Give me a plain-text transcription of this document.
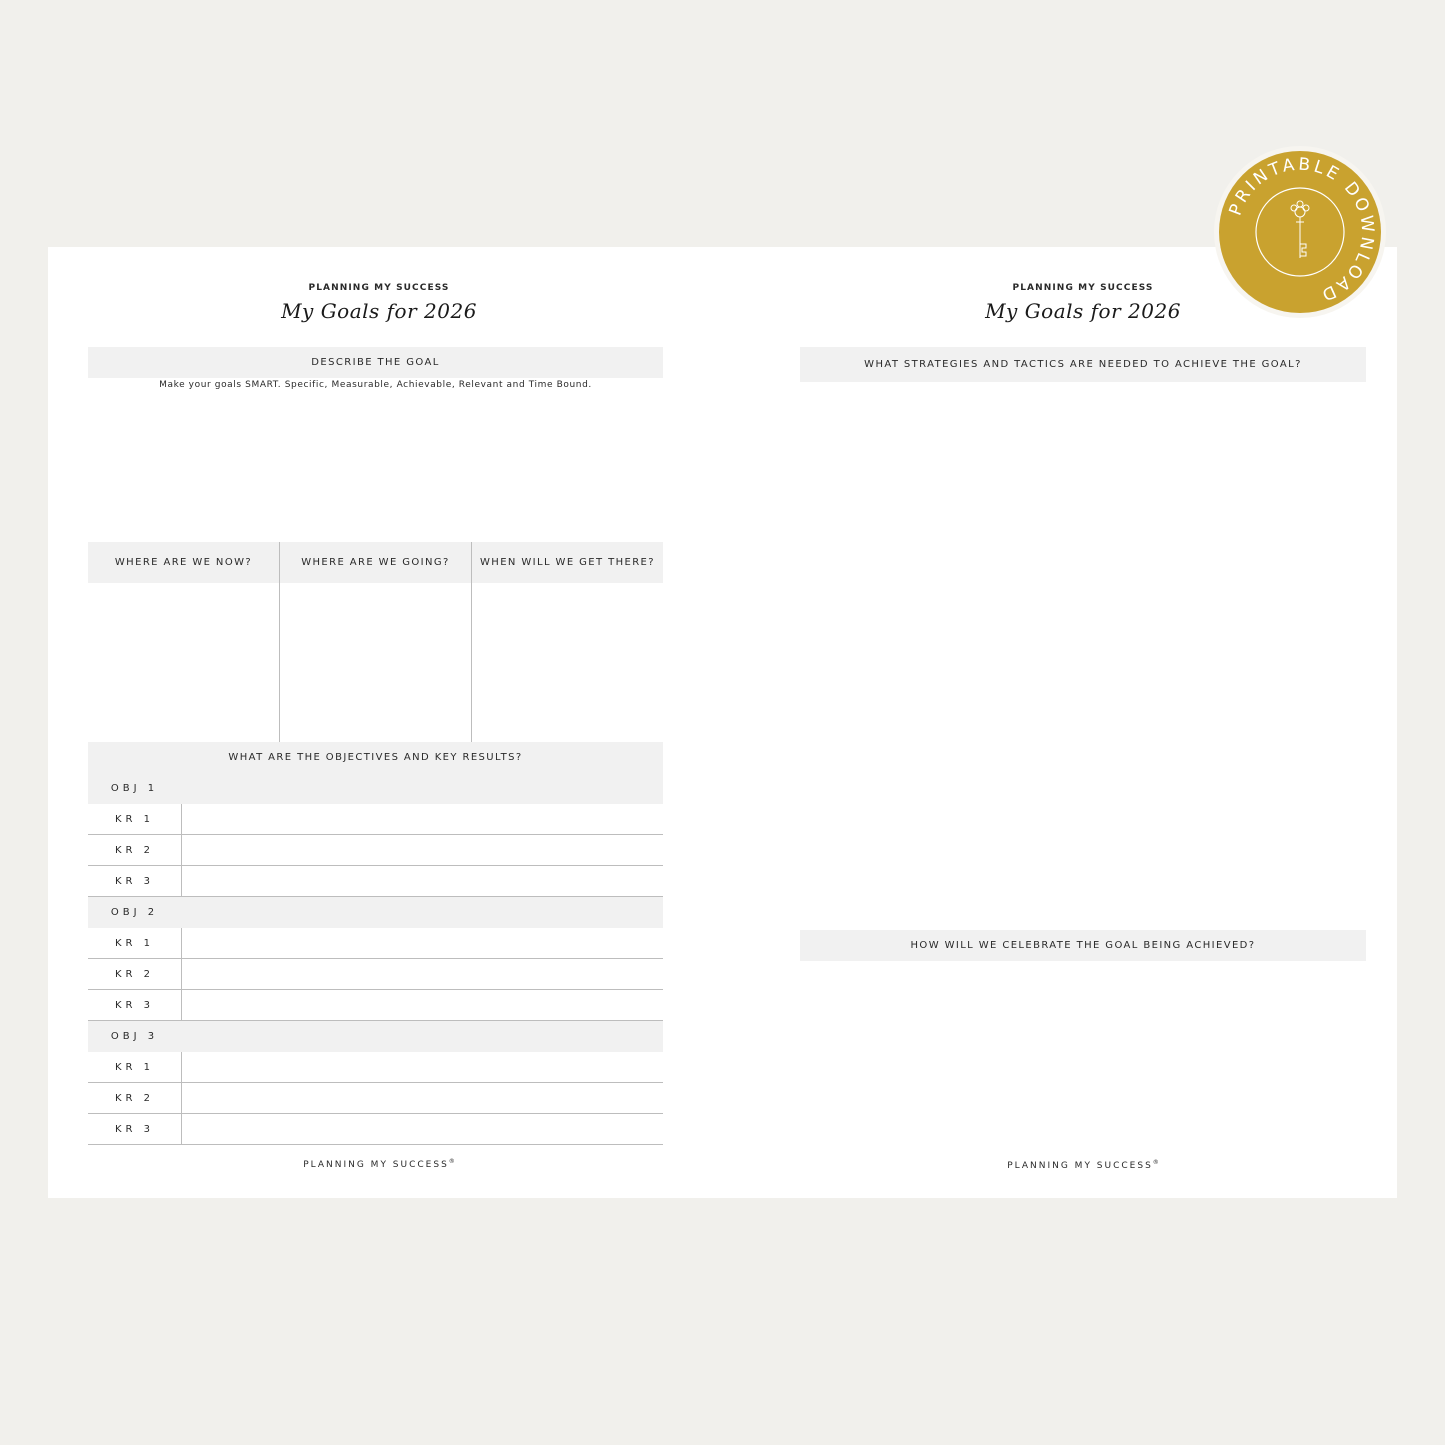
PLANNING MY SUCCESS
My Goals for 2026
DESCRIBE THE GOAL
Make your goals SMART. Specific, Measurable, Achievable, Relevant and Time Bound.
WHERE ARE WE NOW?	WHERE ARE WE GOING?	WHEN WILL WE GET THERE?
WHAT ARE THE OBJECTIVES AND KEY RESULTS?
OBJ 1
KR 1
KR 2
KR 3
OBJ 2
KR 1
KR 2
KR 3
OBJ 3
KR 1
KR 2
KR 3
PLANNING MY SUCCESS®
PLANNING MY SUCCESS
My Goals for 2026
WHAT STRATEGIES AND TACTICS ARE NEEDED TO ACHIEVE THE GOAL?
HOW WILL WE CELEBRATE THE GOAL BEING ACHIEVED?
PLANNING MY SUCCESS®
PRINTABLE DOWNLOAD
